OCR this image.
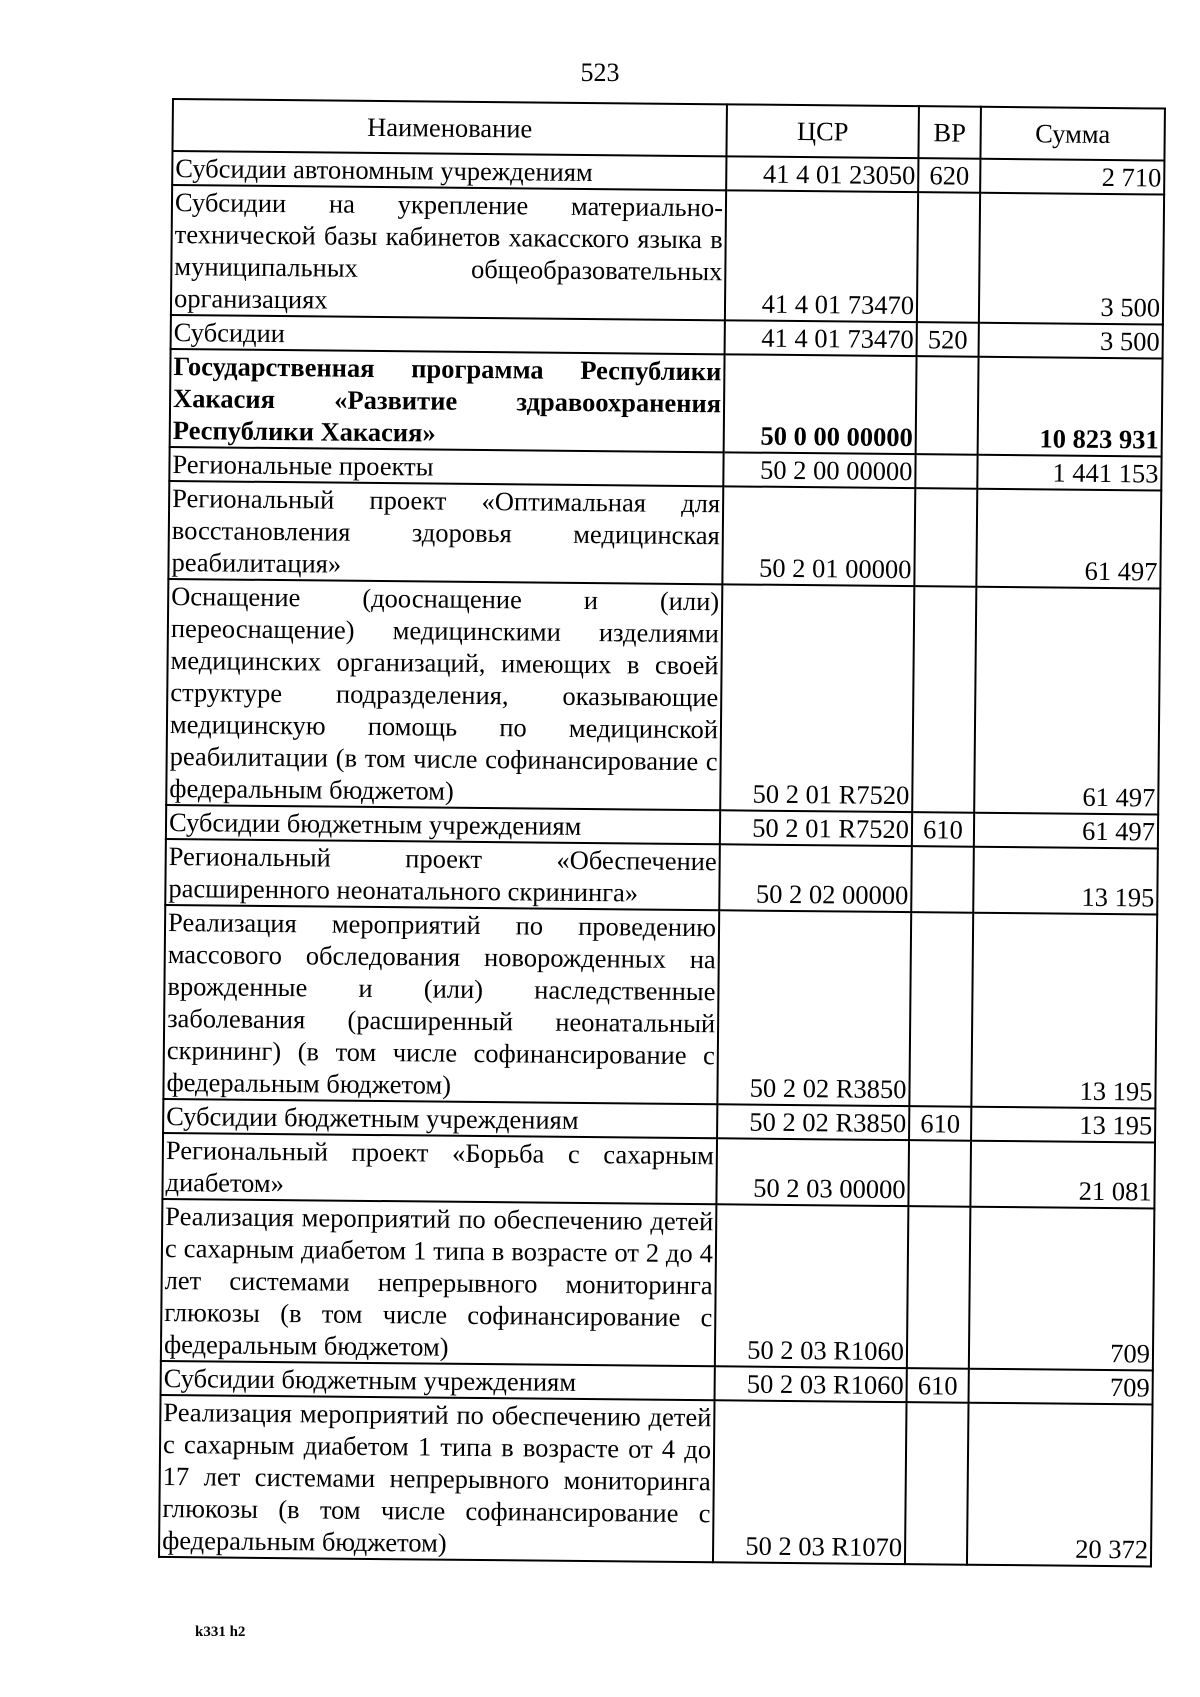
523
Наименование	ЦСР	ВР	Сумма
Субсидии автономным учреждениям	41 4 01 23050	620	2 710
Субсидии на укрепление материально-технической базы кабинетов хакасского языка в муниципальных общеобразовательных организациях	41 4 01 73470		3 500
Субсидии	41 4 01 73470	520	3 500
Государственная программа Республики Хакасия «Развитие здравоохранения Республики Хакасия»	50 0 00 00000		10 823 931
Региональные проекты	50 2 00 00000		1 441 153
Региональный проект «Оптимальная для восстановления здоровья медицинская реабилитация»	50 2 01 00000		61 497
Оснащение (дооснащение и (или) переоснащение) медицинскими изделиями медицинских организаций, имеющих в своей структуре подразделения, оказывающие медицинскую помощь по медицинской реабилитации (в том числе софинансирование с федеральным бюджетом)	50 2 01 R7520		61 497
Субсидии бюджетным учреждениям	50 2 01 R7520	610	61 497
Региональный проект «Обеспечение расширенного неонатального скрининга»	50 2 02 00000		13 195
Реализация мероприятий по проведению массового обследования новорожденных на врожденные и (или) наследственные заболевания (расширенный неонатальный скрининг) (в том числе софинансирование с федеральным бюджетом)	50 2 02 R3850		13 195
Субсидии бюджетным учреждениям	50 2 02 R3850	610	13 195
Региональный проект «Борьба с сахарным диабетом»	50 2 03 00000		21 081
Реализация мероприятий по обеспечению детей с сахарным диабетом 1 типа в возрасте от 2 до 4 лет системами непрерывного мониторинга глюкозы (в том числе софинансирование с федеральным бюджетом)	50 2 03 R1060		709
Субсидии бюджетным учреждениям	50 2 03 R1060	610	709
Реализация мероприятий по обеспечению детей с сахарным диабетом 1 типа в возрасте от 4 до 17 лет системами непрерывного мониторинга глюкозы (в том числе софинансирование с федеральным бюджетом)	50 2 03 R1070		20 372
k331 h2
